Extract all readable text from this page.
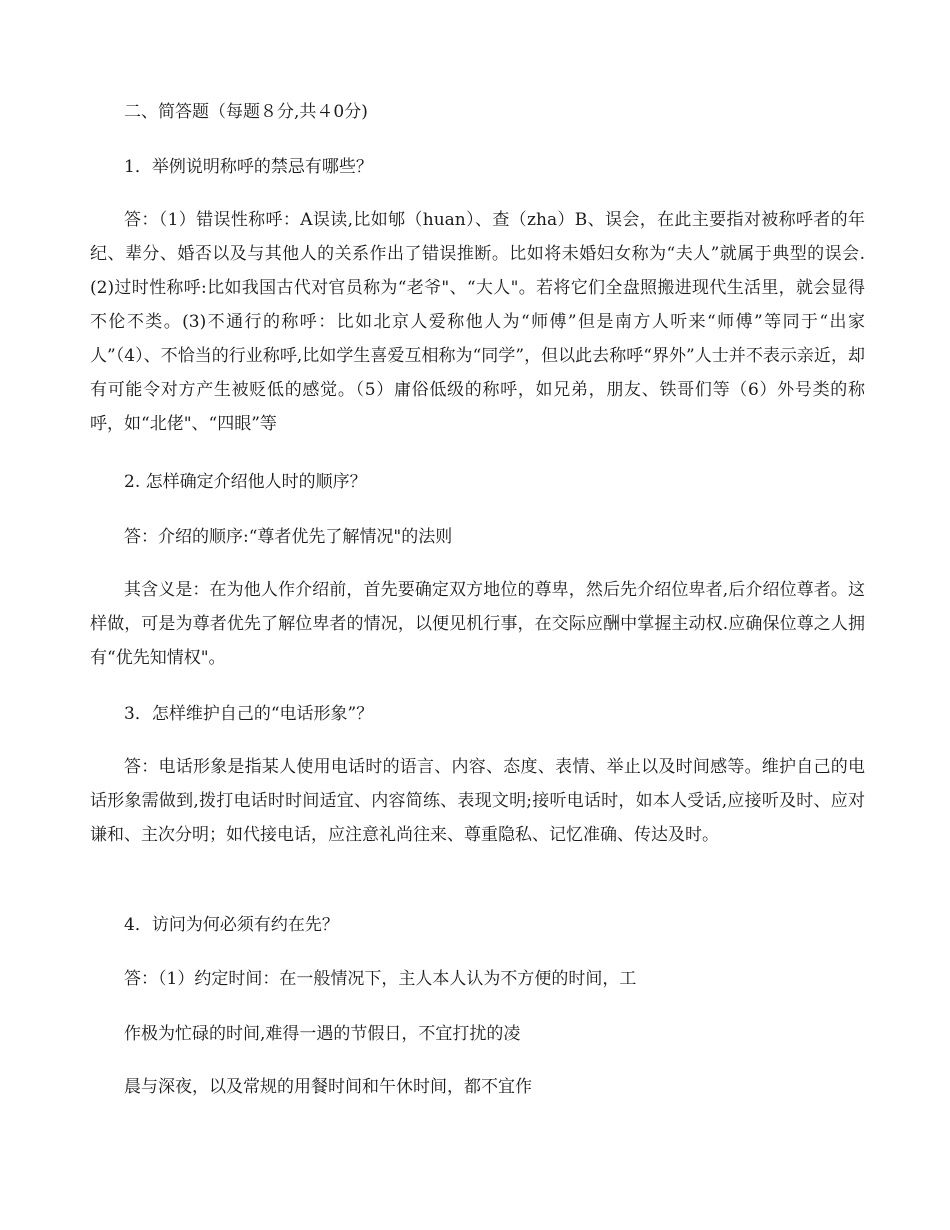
二、简答题（每题８分,共４0分)

1．举例说明称呼的禁忌有哪些？

答：（1）错误性称呼：A误读,比如郇（huan）、查（zha）B、误会，在此主要指对被称呼者的年纪、辈分、婚否以及与其他人的关系作出了错误推断。比如将未婚妇女称为“夫人”就属于典型的误会.(2)过时性称呼:比如我国古代对官员称为“老爷"、“大人"。若将它们全盘照搬进现代生活里，就会显得不伦不类。(3)不通行的称呼：比如北京人爱称他人为“师傅”但是南方人听来“师傅”等同于“出家人”（4）、不恰当的行业称呼,比如学生喜爱互相称为“同学”，但以此去称呼“界外”人士并不表示亲近，却有可能令对方产生被贬低的感觉。（5）庸俗低级的称呼，如兄弟，朋友、铁哥们等（6）外号类的称呼，如“北佬"、“四眼”等

2. 怎样确定介绍他人时的顺序？

答：介绍的顺序:“尊者优先了解情况"的法则

其含义是：在为他人作介绍前，首先要确定双方地位的尊卑，然后先介绍位卑者,后介绍位尊者。这样做，可是为尊者优先了解位卑者的情况，以便见机行事，在交际应酬中掌握主动权.应确保位尊之人拥有“优先知情权"。

3．怎样维护自己的“电话形象”？

答：电话形象是指某人使用电话时的语言、内容、态度、表情、举止以及时间感等。维护自己的电话形象需做到,拨打电话时时间适宜、内容简练、表现文明;接听电话时，如本人受话,应接听及时、应对谦和、主次分明；如代接电话，应注意礼尚往来、尊重隐私、记忆准确、传达及时。

4．访问为何必须有约在先？

答：（1）约定时间：在一般情况下，主人本人认为不方便的时间，工

作极为忙碌的时间,难得一遇的节假日，不宜打扰的凌

晨与深夜，以及常规的用餐时间和午休时间，都不宜作
